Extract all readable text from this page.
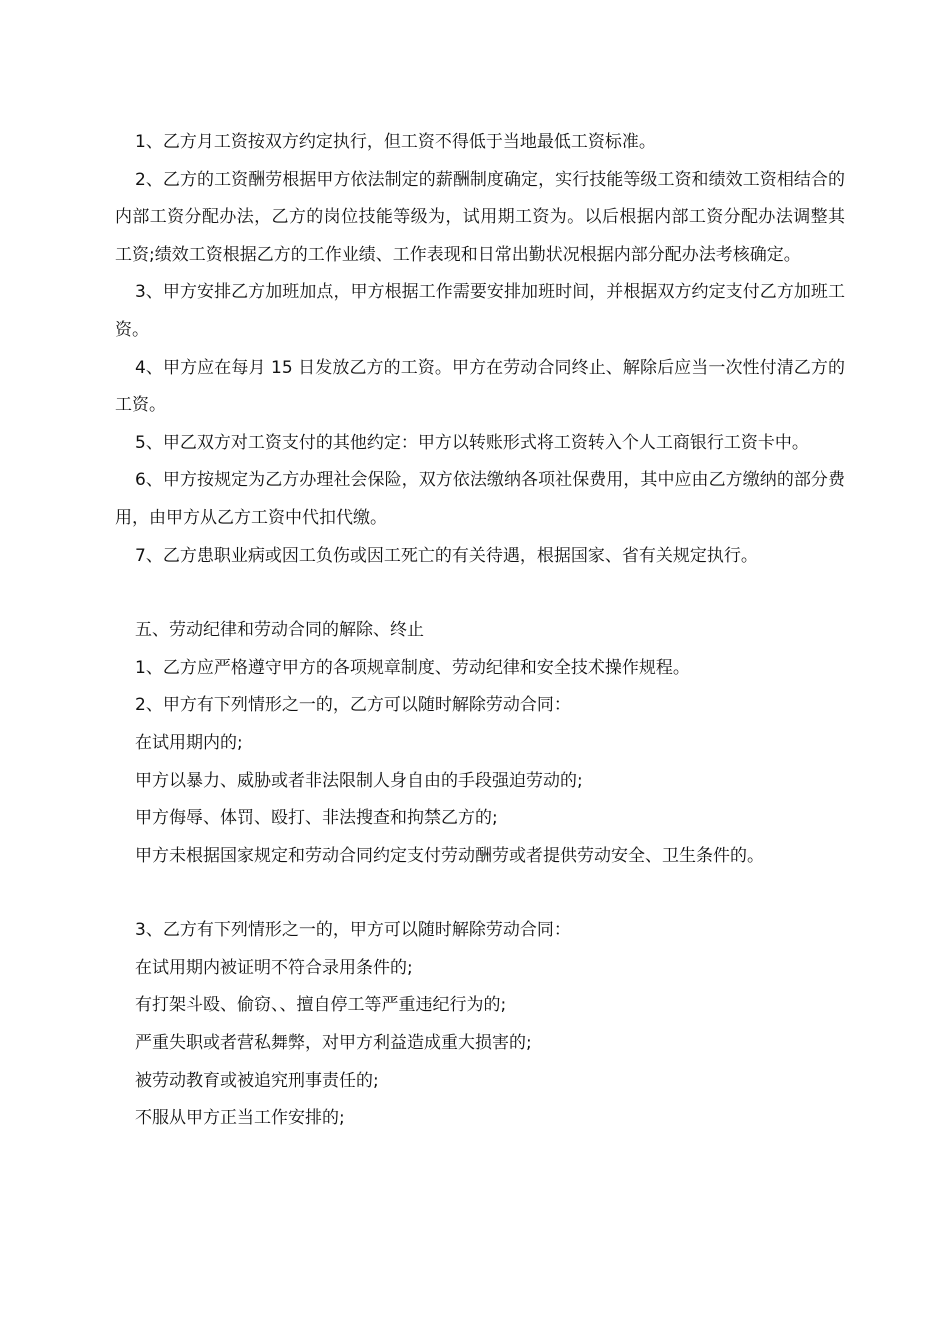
1、乙方月工资按双方约定执行，但工资不得低于当地最低工资标准。

2、乙方的工资酬劳根据甲方依法制定的薪酬制度确定，实行技能等级工资和绩效工资相结合的内部工资分配办法，乙方的岗位技能等级为，试用期工资为。以后根据内部工资分配办法调整其工资;绩效工资根据乙方的工作业绩、工作表现和日常出勤状况根据内部分配办法考核确定。

3、甲方安排乙方加班加点，甲方根据工作需要安排加班时间，并根据双方约定支付乙方加班工资。

4、甲方应在每月 15 日发放乙方的工资。甲方在劳动合同终止、解除后应当一次性付清乙方的工资。

5、甲乙双方对工资支付的其他约定：甲方以转账形式将工资转入个人工商银行工资卡中。

6、甲方按规定为乙方办理社会保险，双方依法缴纳各项社保费用，其中应由乙方缴纳的部分费用，由甲方从乙方工资中代扣代缴。

7、乙方患职业病或因工负伤或因工死亡的有关待遇，根据国家、省有关规定执行。

五、劳动纪律和劳动合同的解除、终止

1、乙方应严格遵守甲方的各项规章制度、劳动纪律和安全技术操作规程。

2、甲方有下列情形之一的，乙方可以随时解除劳动合同：

在试用期内的;

甲方以暴力、威胁或者非法限制人身自由的手段强迫劳动的;

甲方侮辱、体罚、殴打、非法搜查和拘禁乙方的;

甲方未根据国家规定和劳动合同约定支付劳动酬劳或者提供劳动安全、卫生条件的。

3、乙方有下列情形之一的，甲方可以随时解除劳动合同：

在试用期内被证明不符合录用条件的;

有打架斗殴、偷窃、、擅自停工等严重违纪行为的;

严重失职或者营私舞弊，对甲方利益造成重大损害的;

被劳动教育或被追究刑事责任的;

不服从甲方正当工作安排的;
